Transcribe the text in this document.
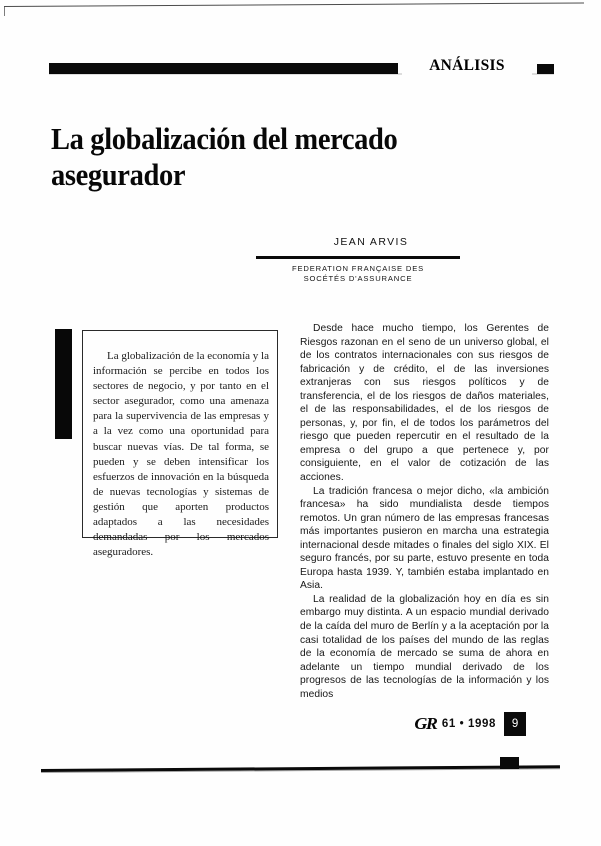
ANÁLISIS
La globalización del mercado asegurador
JEAN ARVIS
FEDERATION FRANÇAISE DES
SOCÉTÉS D'ASSURANCE
La globalización de la economía y la información se percibe en todos los sectores de negocio, y por tanto en el sector asegurador, como una amenaza para la supervivencia de las empresas y a la vez como una oportunidad para buscar nuevas vías. De tal forma, se pueden y se deben intensificar los esfuerzos de innovación en la búsqueda de nuevas tecnologías y sistemas de gestión que aporten productos adaptados a las necesidades demandadas por los mercados aseguradores.

Desde hace mucho tiempo, los Gerentes de Riesgos razonan en el seno de un universo global, el de los contratos internacionales con sus riesgos de fabricación y de crédito, el de las inversiones extranjeras con sus riesgos políticos y de transferencia, el de los riesgos de daños materiales, el de las responsabilidades, el de los riesgos de personas, y, por fin, el de todos los parámetros del riesgo que pueden repercutir en el resultado de la empresa o del grupo a que pertenece y, por consiguiente, en el valor de cotización de las acciones.

La tradición francesa o mejor dicho, «la ambición francesa» ha sido mundialista desde tiempos remotos. Un gran número de las empresas francesas más importantes pusieron en marcha una estrategia internacional desde mitades o finales del siglo XIX. El seguro francés, por su parte, estuvo presente en toda Europa hasta 1939. Y, también estaba implantado en Asia.

La realidad de la globalización hoy en día es sin embargo muy distinta. A un espacio mundial derivado de la caída del muro de Berlín y a la aceptación por la casi totalidad de los países del mundo de las reglas de la economía de mercado se suma de ahora en adelante un tiempo mundial derivado de los progresos de las tecnologías de la información y los medios

GR 61 • 1998	9
